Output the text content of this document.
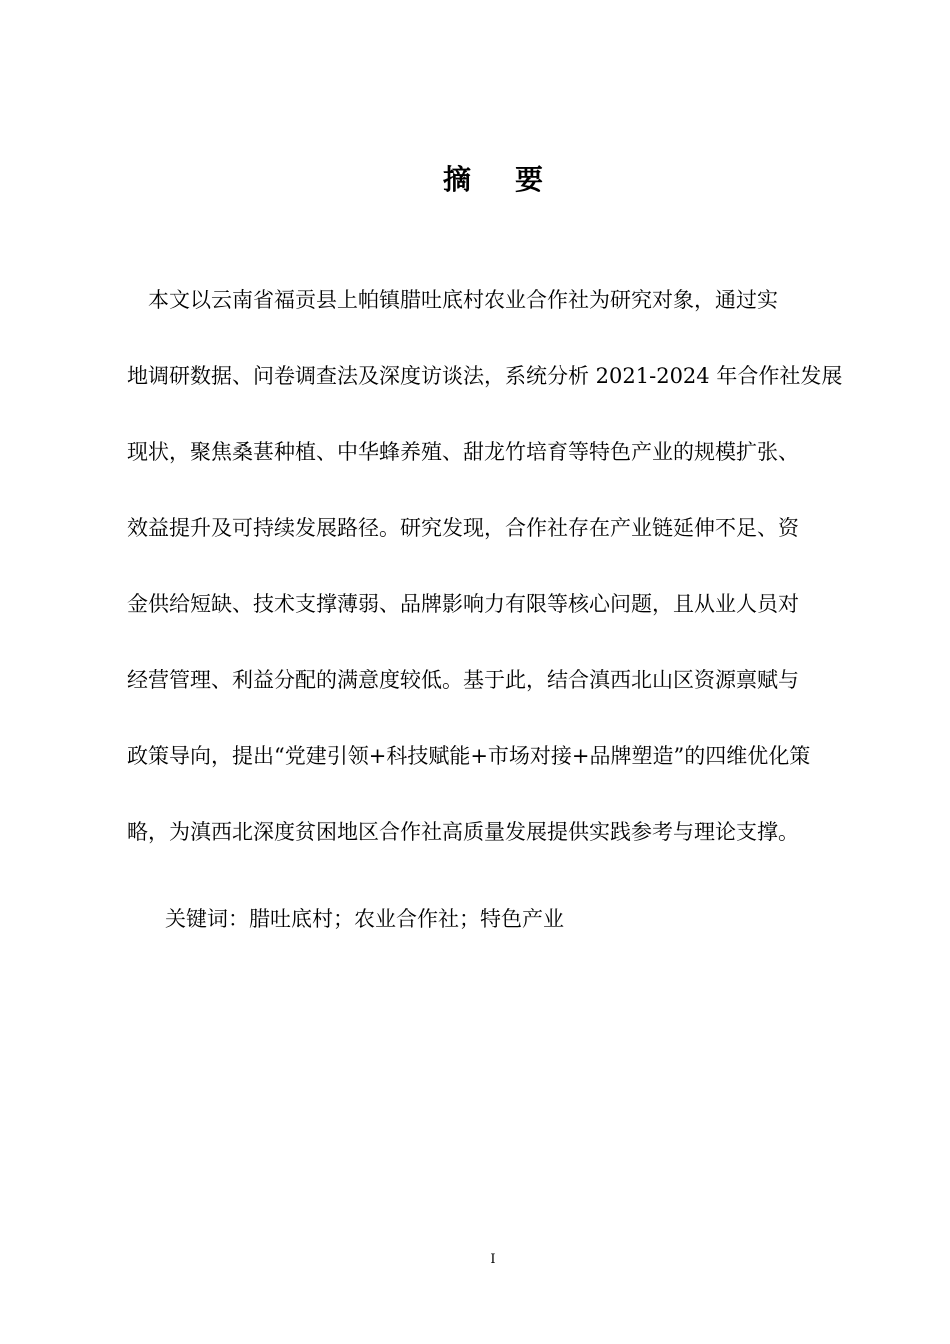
摘 要
　本文以云南省福贡县上帕镇腊吐底村农业合作社为研究对象，通过实
地调研数据、问卷调查法及深度访谈法，系统分析 2021-2024 年合作社发展
现状，聚焦桑葚种植、中华蜂养殖、甜龙竹培育等特色产业的规模扩张、
效益提升及可持续发展路径。研究发现，合作社存在产业链延伸不足、资
金供给短缺、技术支撑薄弱、品牌影响力有限等核心问题，且从业人员对
经营管理、利益分配的满意度较低。基于此，结合滇西北山区资源禀赋与
政策导向，提出“党建引领+科技赋能+市场对接+品牌塑造”的四维优化策
略，为滇西北深度贫困地区合作社高质量发展提供实践参考与理论支撑。
关键词：腊吐底村；农业合作社；特色产业
I
